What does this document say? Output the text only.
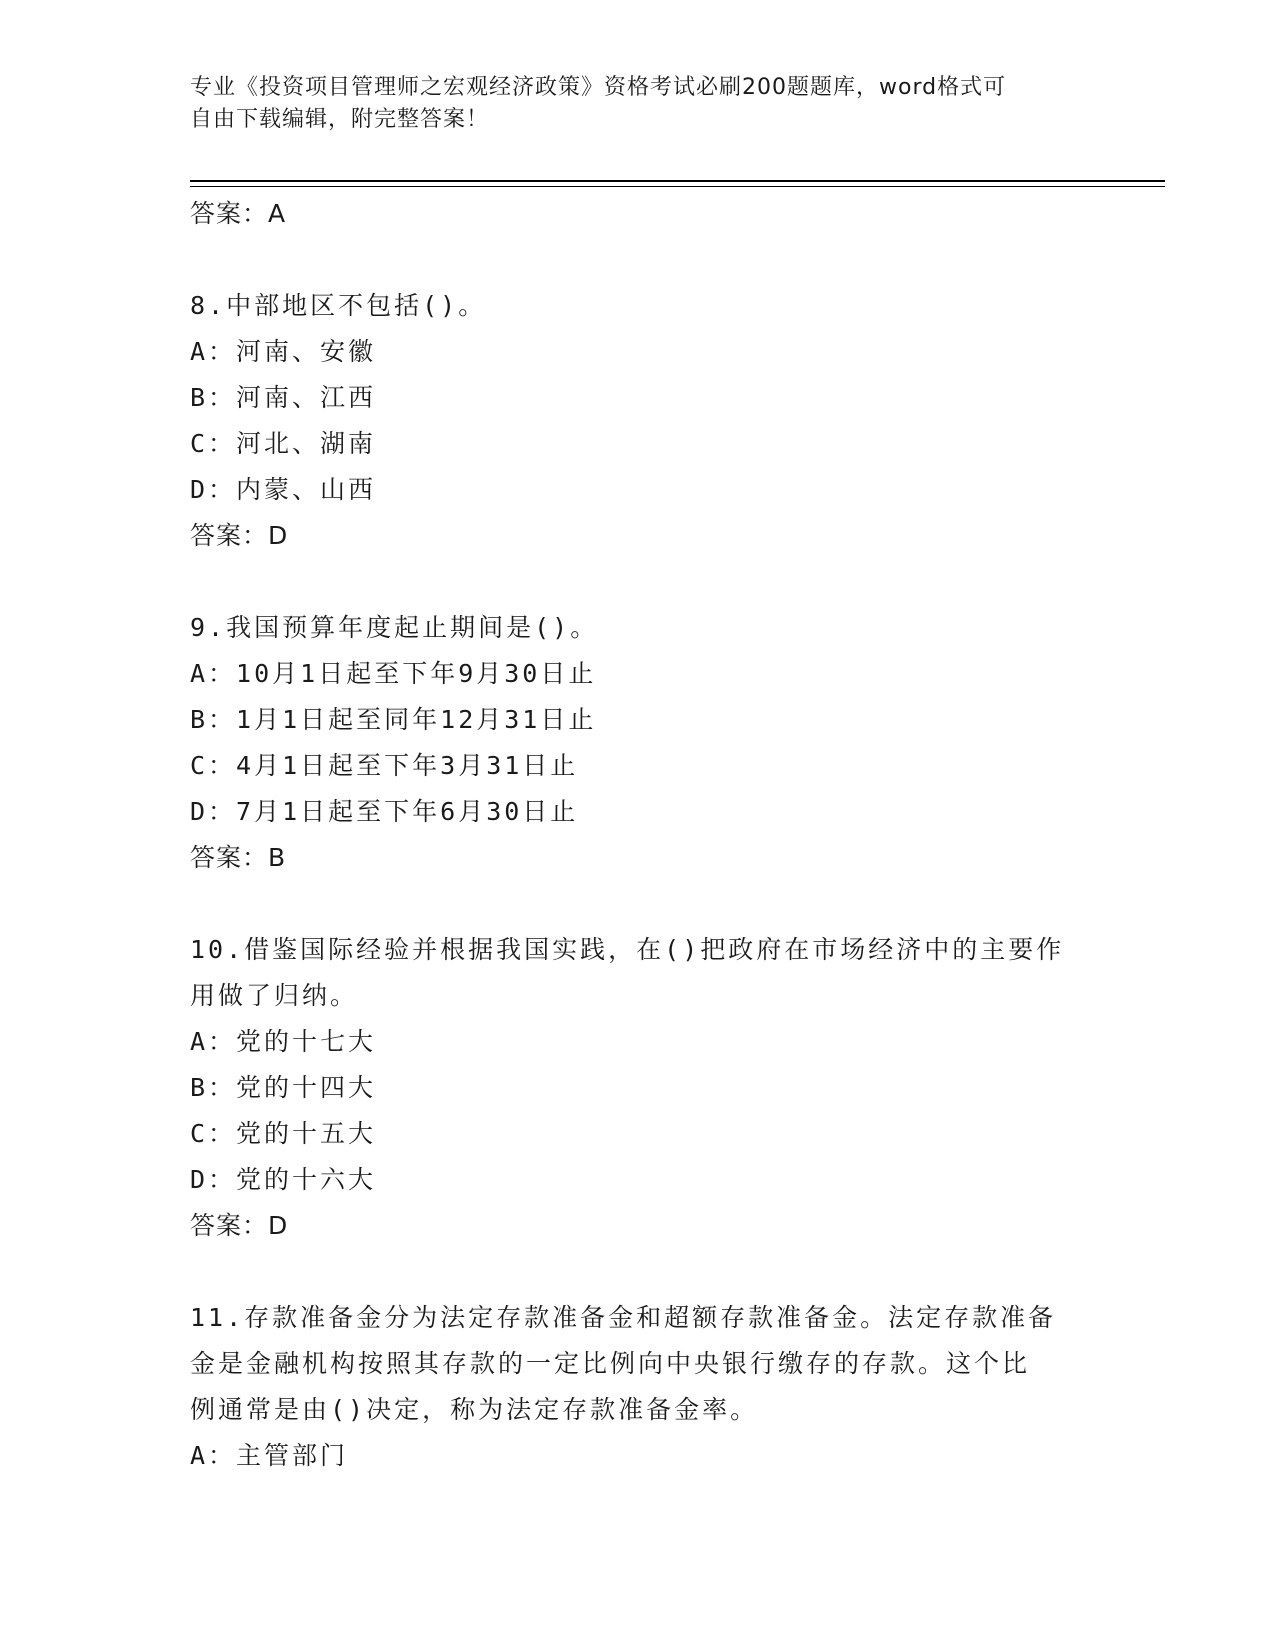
专业《投资项目管理师之宏观经济政策》资格考试必刷200题题库，word格式可
自由下载编辑，附完整答案！
答案：A
8.中部地区不包括()。
A：河南、安徽
B：河南、江西
C：河北、湖南
D：内蒙、山西
答案：D
9.我国预算年度起止期间是()。
A：10月1日起至下年9月30日止
B：1月1日起至同年12月31日止
C：4月1日起至下年3月31日止
D：7月1日起至下年6月30日止
答案：B
10.借鉴国际经验并根据我国实践，在()把政府在市场经济中的主要作
用做了归纳。
A：党的十七大
B：党的十四大
C：党的十五大
D：党的十六大
答案：D
11.存款准备金分为法定存款准备金和超额存款准备金。法定存款准备
金是金融机构按照其存款的一定比例向中央银行缴存的存款。这个比
例通常是由()决定，称为法定存款准备金率。
A：主管部门
